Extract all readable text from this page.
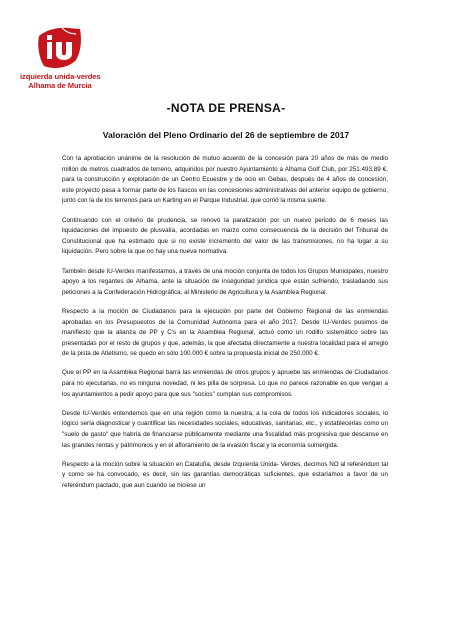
izquierda unida-verdes
Alhama de Murcia
-NOTA DE PRENSA-
Valoración del Pleno Ordinario del 26 de septiembre de 2017

Con la aprobación unánime de la resolución de mutuo acuerdo de la concesión para 20 años de más de medio millón de metros cuadrados de terreno, adquiridos por nuestro Ayuntamiento a Alhama Golf Club, por 251.493,89 €, para la construcción y explotación de un Centro Ecuestre y de ocio en Gebas, después de 4 años de concesión, este proyecto pasa a formar parte de los fiascos en las concesiones administrativas del anterior equipo de gobierno, junto con la de los terrenos para un Karting en el Parque Industrial, que corrió la misma suerte.

Continuando con el criterio de prudencia, se renovó la paralización por un nuevo periodo de 6 meses las liquidaciones del impuesto de plusvalía, acordadas en marzo como consecuencia de la decisión del Tribunal de Constitucional que ha estimado que si no existe incremento del valor de las transmisiones, no ha lugar a su liquidación. Pero sobre la que no hay una nueva normativa.

También desde IU-Verdes manifestamos, a través de una moción conjunta de todos los Grupos Municipales, nuestro apoyo a los regantes de Alhama, ante la situación de inseguridad jurídica que están sufriendo, trasladando sus peticiones a la Confederación Hidrográfica, al Ministerio de Agricultura y la Asamblea Regional.

Respecto a la moción de Ciudadanos para la ejecución por parte del Gobierno Regional de las enmiendas aprobadas en los Presupuestos de la Comunidad Autónoma para el año 2017. Desde IU-Verdes pusimos de manifiesto que la alianza de PP y C's en la Asamblea Regional, actuó como un rodillo sistemático sobre las presentadas por el resto de grupos y que, además, la que afectaba directamente a nuestra localidad para el arreglo de la pista de Atletismo, se quedo en sólo 100.000 € sobre la propuesta inicial de 250.000 €.

Que el PP en la Asamblea Regional barra las enmiendas de otros grupos y apruebe las enmiendas de Ciudadanos para no ejecutarlas, no es ninguna novedad, ni les pilla de sorpresa. Lo que no parece razonable es que vengan a los ayuntamientos a pedir apoyo para que sus "socios" cumplan sus compromisos.

Desde IU-Verdes entendemos que en una región como la nuestra, a la cola de todos los indicadores sociales, lo lógico sería diagnosticar y cuantificar las necesidades sociales, educativas, sanitarias, etc., y establecerlas como un "suelo de gasto" que habría de financiarse públicamente mediante una fiscalidad más progresiva que descanse en las grandes rentas y patrimonios y en el afloramiento de la evasión fiscal y la economía sumergida.

Respecto a la moción sobre la situación en Cataluña, desde Izquierda Unida- Verdes, decimos NO al referéndum tal y como se ha convocado, es decir, sin las garantías democráticas suficientes, que estaríamos a favor de un referéndum pactado, que aun cuando se hiciese un
